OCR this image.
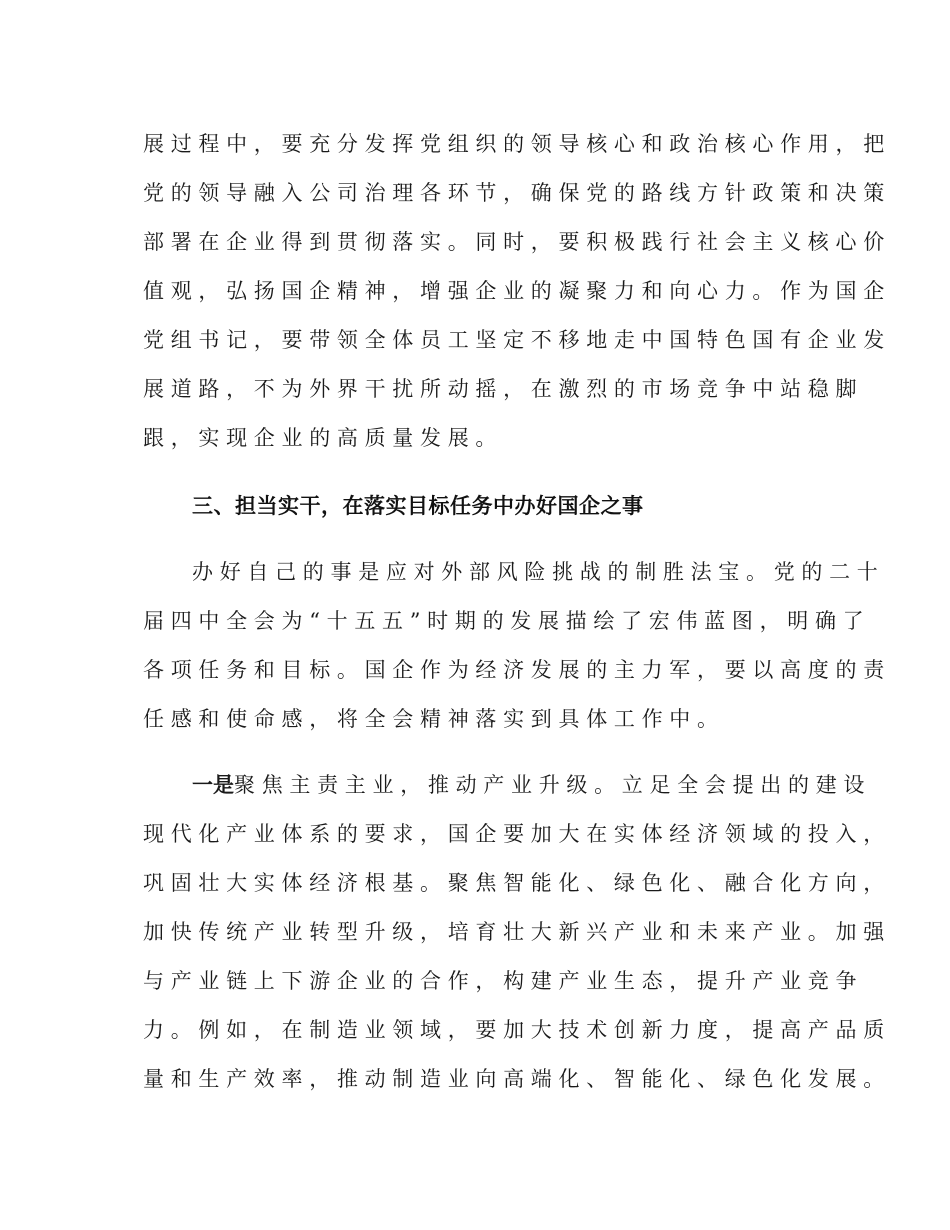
展过程中，要充分发挥党组织的领导核心和政治核心作用，把
党的领导融入公司治理各环节，确保党的路线方针政策和决策
部署在企业得到贯彻落实。同时，要积极践行社会主义核心价
值观，弘扬国企精神，增强企业的凝聚力和向心力。作为国企
党组书记，要带领全体员工坚定不移地走中国特色国有企业发
展道路，不为外界干扰所动摇，在激烈的市场竞争中站稳脚
跟，实现企业的高质量发展。
三、担当实干，在落实目标任务中办好国企之事
办好自己的事是应对外部风险挑战的制胜法宝。党的二十
届四中全会为“十五五”时期的发展描绘了宏伟蓝图，明确了
各项任务和目标。国企作为经济发展的主力军，要以高度的责
任感和使命感，将全会精神落实到具体工作中。
一是聚焦主责主业，推动产业升级。立足全会提出的建设
现代化产业体系的要求，国企要加大在实体经济领域的投入，
巩固壮大实体经济根基。聚焦智能化、绿色化、融合化方向，
加快传统产业转型升级，培育壮大新兴产业和未来产业。加强
与产业链上下游企业的合作，构建产业生态，提升产业竞争
力。例如，在制造业领域，要加大技术创新力度，提高产品质
量和生产效率，推动制造业向高端化、智能化、绿色化发展。
